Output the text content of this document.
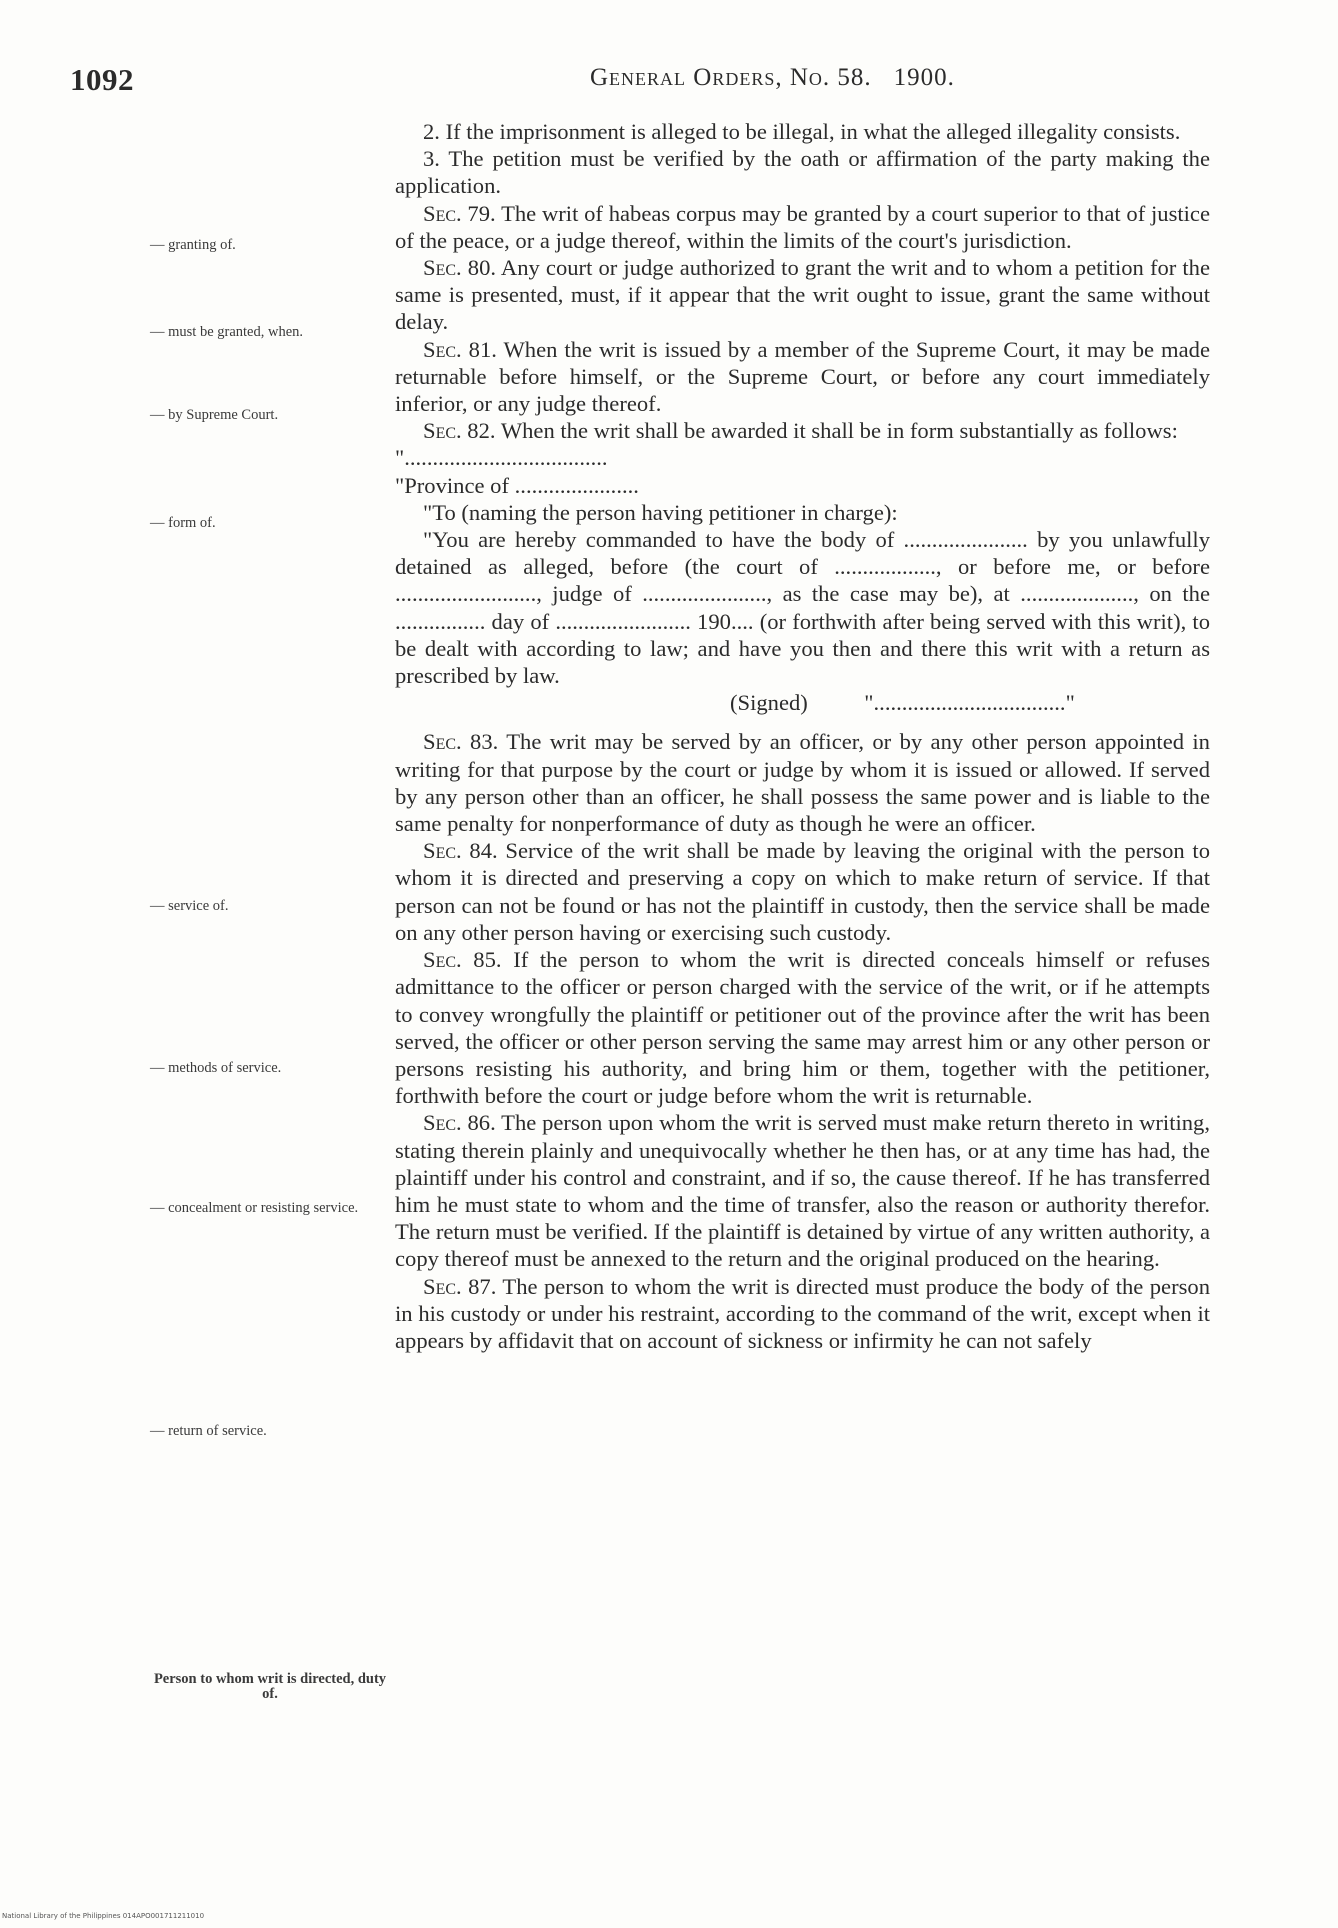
1092	General Orders, No. 58. 1900.
— granting of.
— must be granted, when.
— by Supreme Court.
— form of.
— service of.
— methods of service.
— concealment or resisting service.
— return of service.
Person to whom writ is directed, duty of.

2. If the imprisonment is alleged to be illegal, in what the alleged illegality consists.

3. The petition must be verified by the oath or affirmation of the party making the application.

Sec. 79. The writ of habeas corpus may be granted by a court superior to that of justice of the peace, or a judge thereof, within the limits of the court's jurisdiction.

Sec. 80. Any court or judge authorized to grant the writ and to whom a petition for the same is presented, must, if it appear that the writ ought to issue, grant the same without delay.

Sec. 81. When the writ is issued by a member of the Supreme Court, it may be made returnable before himself, or the Supreme Court, or before any court immediately inferior, or any judge thereof.

Sec. 82. When the writ shall be awarded it shall be in form substantially as follows:

"....................................

"Province of ......................

"To (naming the person having petitioner in charge):

"You are hereby commanded to have the body of ...................... by you unlawfully detained as alleged, before (the court of .................., or before me, or before ........................., judge of ......................, as the case may be), at ...................., on the ................ day of ........................ 190.... (or forthwith after being served with this writ), to be dealt with according to law; and have you then and there this writ with a return as prescribed by law.

(Signed)          ".................................."

Sec. 83. The writ may be served by an officer, or by any other person appointed in writing for that purpose by the court or judge by whom it is issued or allowed. If served by any person other than an officer, he shall possess the same power and is liable to the same penalty for nonperformance of duty as though he were an officer.

Sec. 84. Service of the writ shall be made by leaving the original with the person to whom it is directed and preserving a copy on which to make return of service. If that person can not be found or has not the plaintiff in custody, then the service shall be made on any other person having or exercising such custody.

Sec. 85. If the person to whom the writ is directed conceals himself or refuses admittance to the officer or person charged with the service of the writ, or if he attempts to convey wrongfully the plaintiff or petitioner out of the province after the writ has been served, the officer or other person serving the same may arrest him or any other person or persons resisting his authority, and bring him or them, together with the petitioner, forthwith before the court or judge before whom the writ is returnable.

Sec. 86. The person upon whom the writ is served must make return thereto in writing, stating therein plainly and unequivocally whether he then has, or at any time has had, the plaintiff under his control and constraint, and if so, the cause thereof. If he has transferred him he must state to whom and the time of transfer, also the reason or authority therefor. The return must be verified. If the plaintiff is detained by virtue of any written authority, a copy thereof must be annexed to the return and the original produced on the hearing.

Sec. 87. The person to whom the writ is directed must produce the body of the person in his custody or under his restraint, according to the command of the writ, except when it appears by affidavit that on account of sickness or infirmity he can not safely

National Library of the Philippines 014APO001711211010
